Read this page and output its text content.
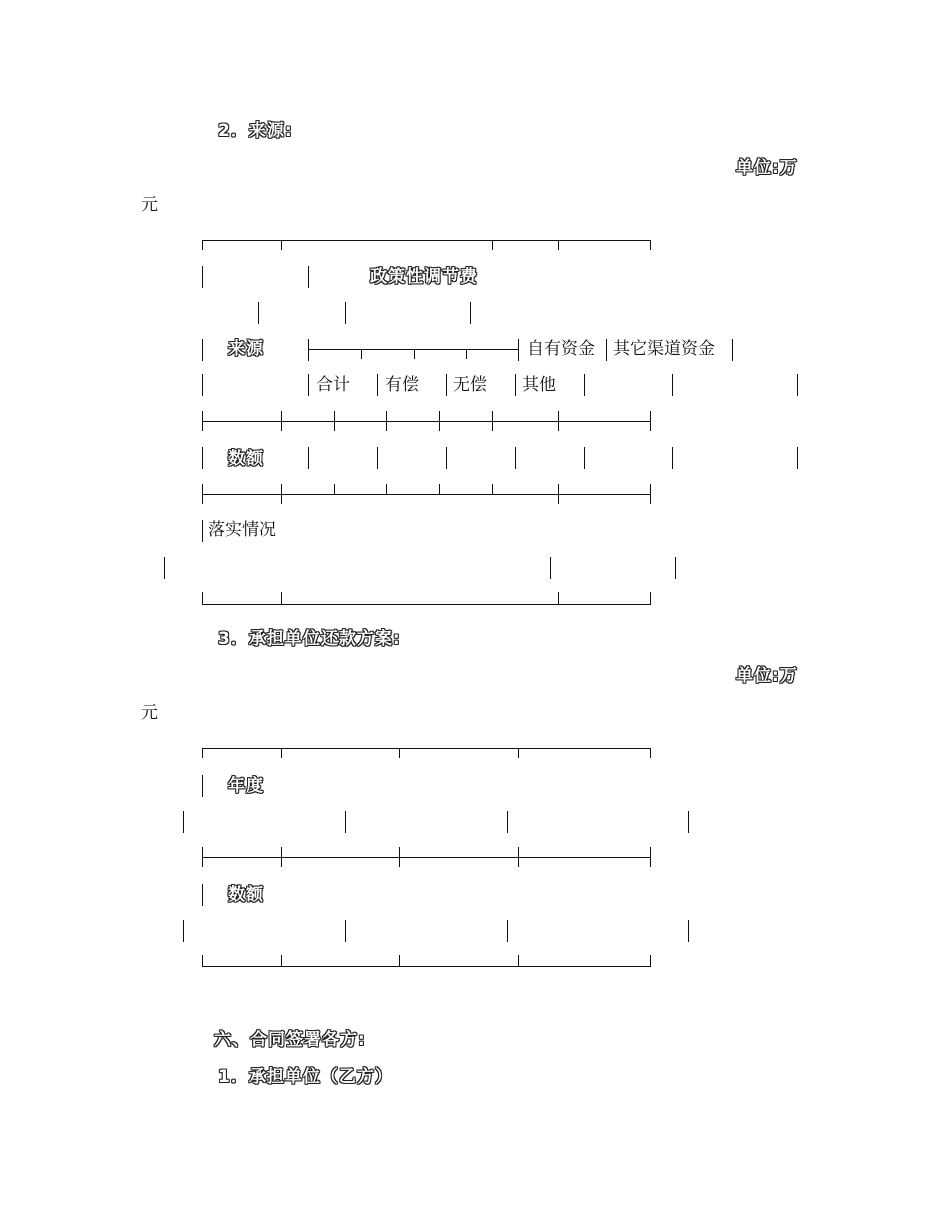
2．来源:
单位:万
元
政策性调节费
来源	自有资金 其它渠道资金
合计 有偿 无偿 其他
数额
落实情况
3．承担单位还款方案:
单位:万
元
年度
数额
六、合同签署各方:
1．承担单位（乙方）
